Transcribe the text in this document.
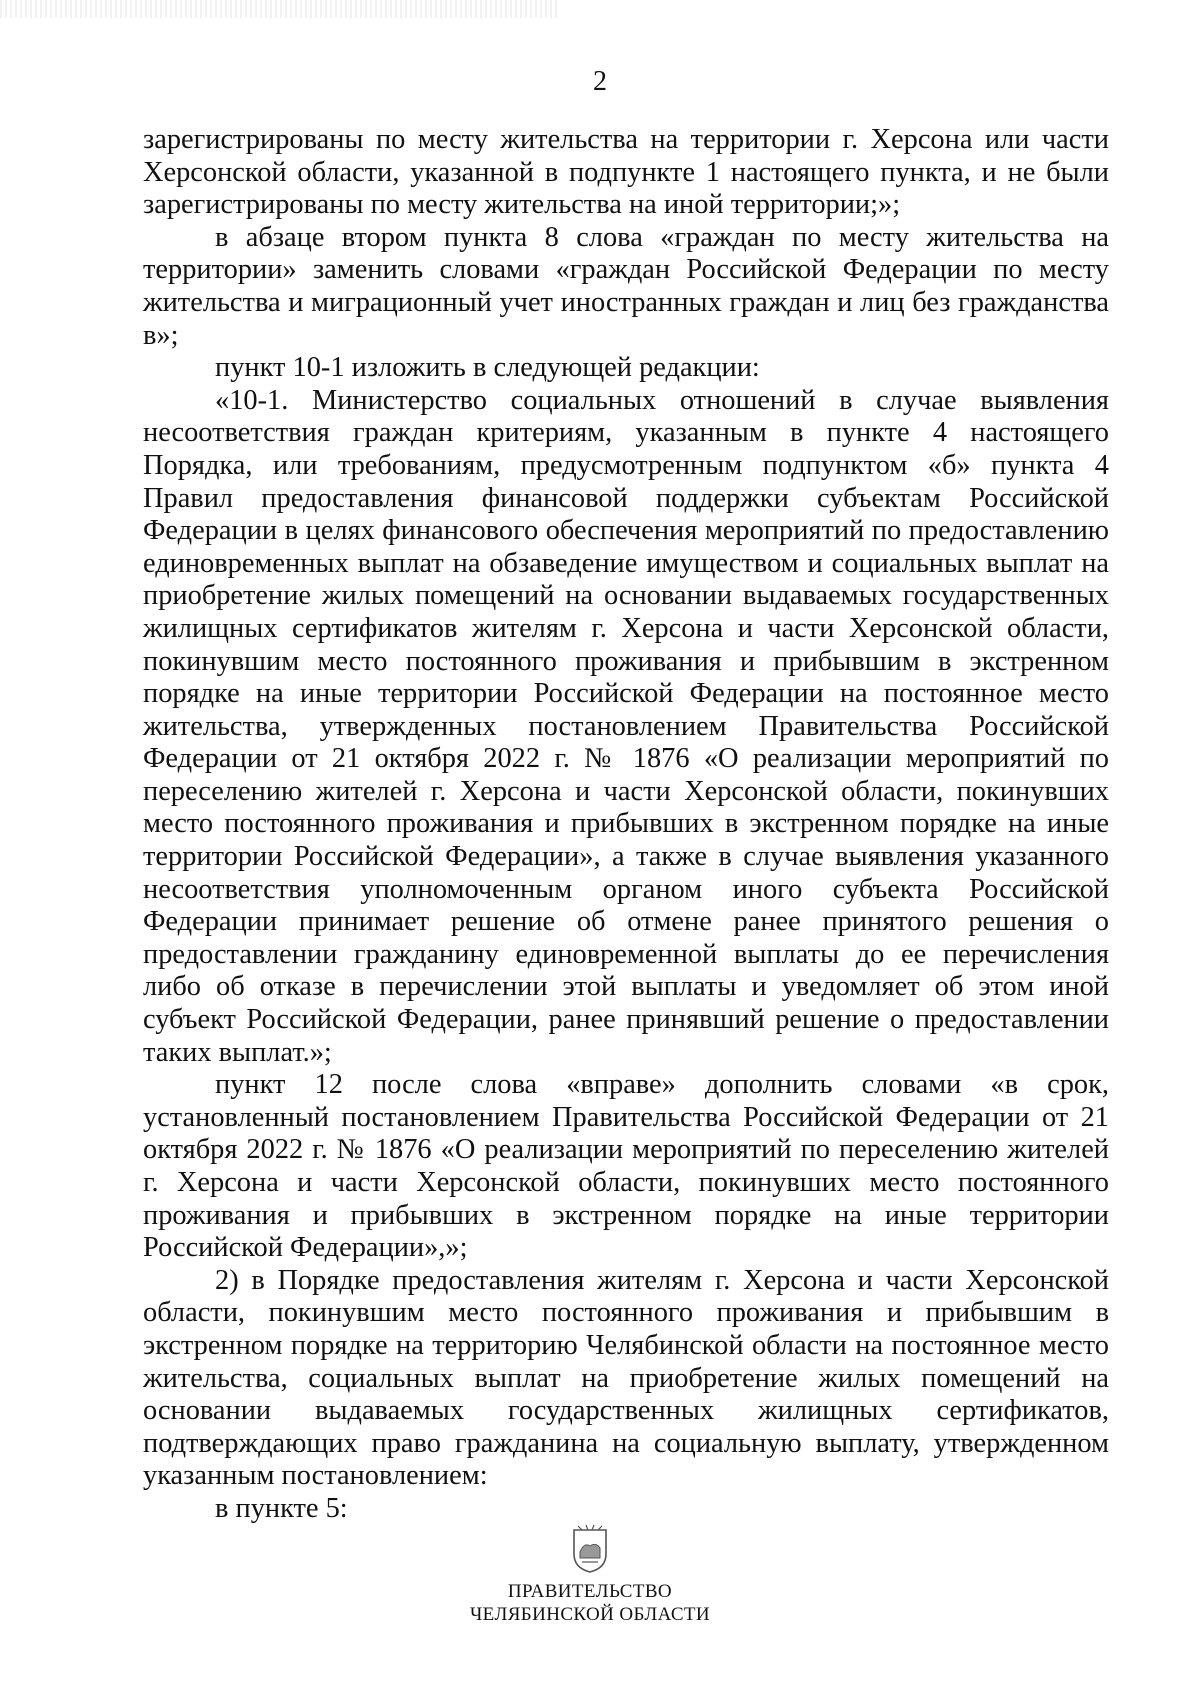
2

зарегистрированы по месту жительства на территории г. Херсона или части Херсонской области, указанной в подпункте 1 настоящего пункта, и не были зарегистрированы по месту жительства на иной территории;»;

в абзаце втором пункта 8 слова «граждан по месту жительства на территории» заменить словами «граждан Российской Федерации по месту жительства и миграционный учет иностранных граждан и лиц без гражданства в»;

пункт 10-1 изложить в следующей редакции:

«10-1. Министерство социальных отношений в случае выявления несоответствия граждан критериям, указанным в пункте 4 настоящего Порядка, или требованиям, предусмотренным подпунктом «б» пункта 4 Правил предоставления финансовой поддержки субъектам Российской Федерации в целях финансового обеспечения мероприятий по предоставлению единовременных выплат на обзаведение имуществом и социальных выплат на приобретение жилых помещений на основании выдаваемых государственных жилищных сертификатов жителям г. Херсона и части Херсонской области, покинувшим место постоянного проживания и прибывшим в экстренном порядке на иные территории Российской Федерации на постоянное место жительства, утвержденных постановлением Правительства Российской Федерации от 21 октября 2022 г. № 1876 «О реализации мероприятий по переселению жителей г. Херсона и части Херсонской области, покинувших место постоянного проживания и прибывших в экстренном порядке на иные территории Российской Федерации», а также в случае выявления указанного несоответствия уполномоченным органом иного субъекта Российской Федерации принимает решение об отмене ранее принятого решения о предоставлении гражданину единовременной выплаты до ее перечисления либо об отказе в перечислении этой выплаты и уведомляет об этом иной субъект Российской Федерации, ранее принявший решение о предоставлении таких выплат.»;

пункт 12 после слова «вправе» дополнить словами «в срок, установленный постановлением Правительства Российской Федерации от 21 октября 2022 г. № 1876 «О реализации мероприятий по переселению жителей г. Херсона и части Херсонской области, покинувших место постоянного проживания и прибывших в экстренном порядке на иные территории Российской Федерации»,»;

2) в Порядке предоставления жителям г. Херсона и части Херсонской области, покинувшим место постоянного проживания и прибывшим в экстренном порядке на территорию Челябинской области на постоянное место жительства, социальных выплат на приобретение жилых помещений на основании выдаваемых государственных жилищных сертификатов, подтверждающих право гражданина на социальную выплату, утвержденном указанным постановлением:

в пункте 5:

ПРАВИТЕЛЬСТВО
ЧЕЛЯБИНСКОЙ ОБЛАСТИ
